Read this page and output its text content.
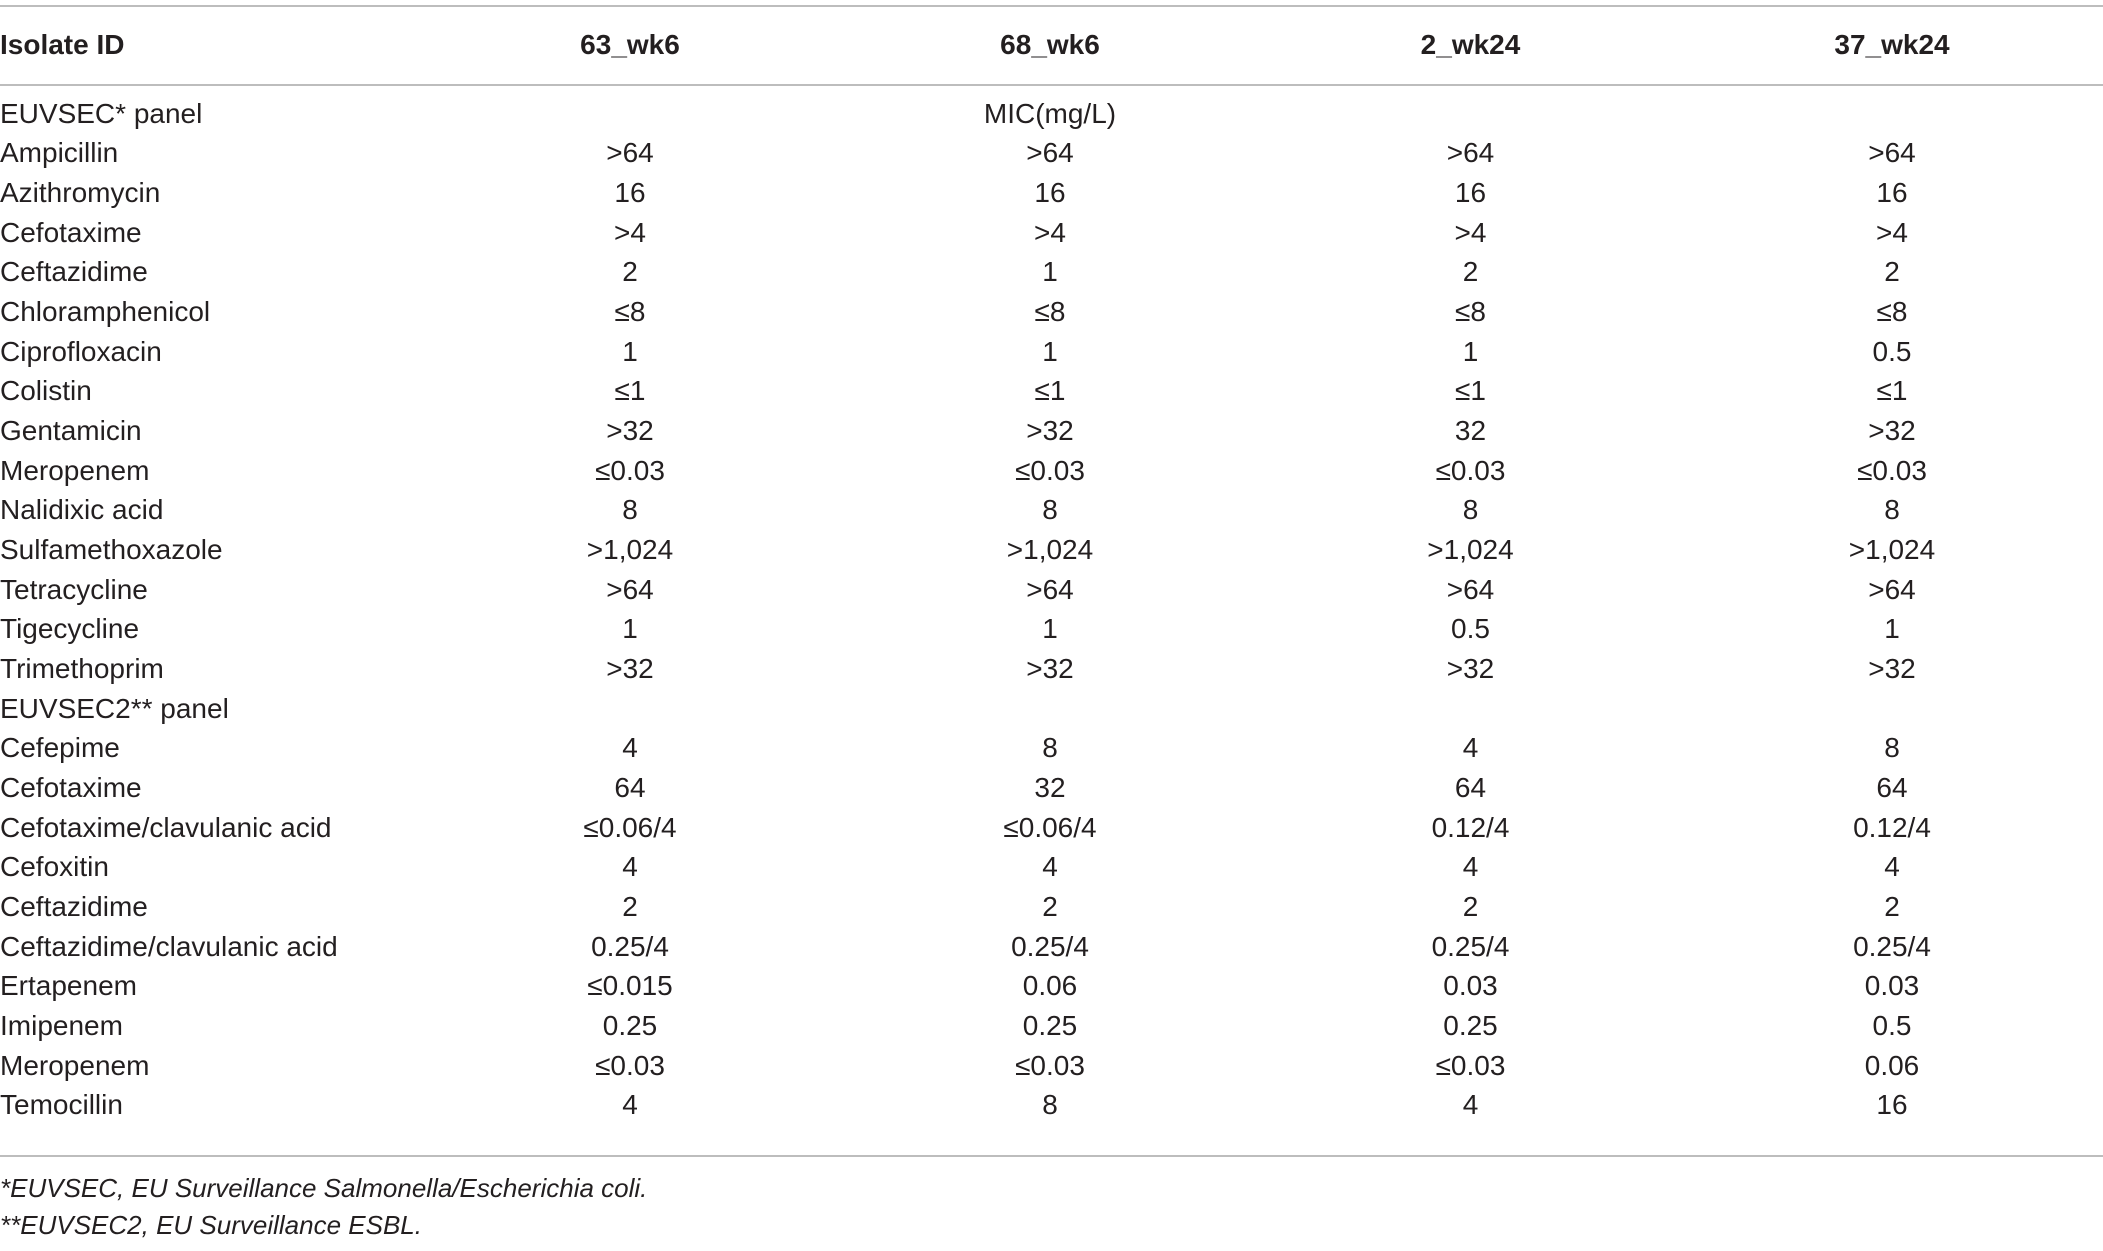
Isolate ID	63_wk6	68_wk6	2_wk24	37_wk24
EUVSEC* panel		MIC(mg/L)		
Ampicillin	>64	>64	>64	>64
Azithromycin	16	16	16	16
Cefotaxime	>4	>4	>4	>4
Ceftazidime	2	1	2	2
Chloramphenicol	≤8	≤8	≤8	≤8
Ciprofloxacin	1	1	1	0.5
Colistin	≤1	≤1	≤1	≤1
Gentamicin	>32	>32	32	>32
Meropenem	≤0.03	≤0.03	≤0.03	≤0.03
Nalidixic acid	8	8	8	8
Sulfamethoxazole	>1,024	>1,024	>1,024	>1,024
Tetracycline	>64	>64	>64	>64
Tigecycline	1	1	0.5	1
Trimethoprim	>32	>32	>32	>32
EUVSEC2** panel				
Cefepime	4	8	4	8
Cefotaxime	64	32	64	64
Cefotaxime/clavulanic acid	≤0.06/4	≤0.06/4	0.12/4	0.12/4
Cefoxitin	4	4	4	4
Ceftazidime	2	2	2	2
Ceftazidime/clavulanic acid	0.25/4	0.25/4	0.25/4	0.25/4
Ertapenem	≤0.015	0.06	0.03	0.03
Imipenem	0.25	0.25	0.25	0.5
Meropenem	≤0.03	≤0.03	≤0.03	0.06
Temocillin	4	8	4	16
*EUVSEC, EU Surveillance Salmonella/Escherichia coli.
**EUVSEC2, EU Surveillance ESBL.
